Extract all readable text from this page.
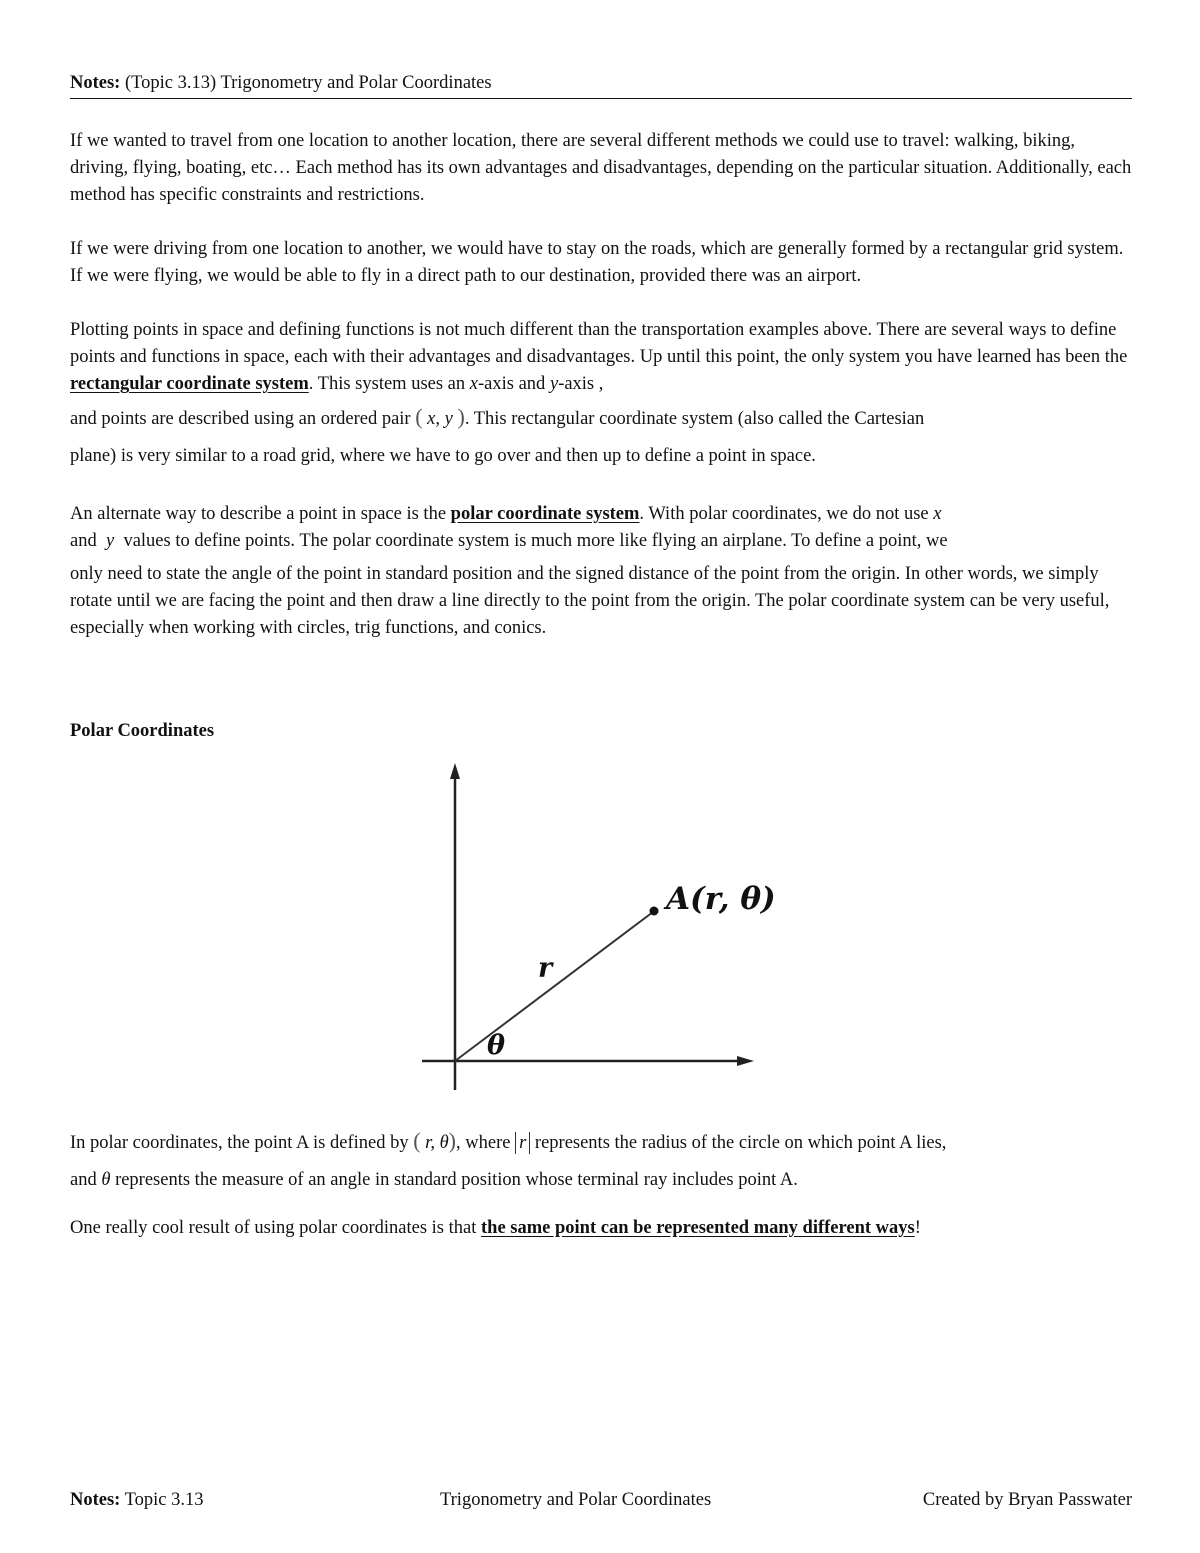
Notes: (Topic 3.13) Trigonometry and Polar Coordinates

If we wanted to travel from one location to another location, there are several different methods we could use to travel: walking, biking, driving, flying, boating, etc… Each method has its own advantages and disadvantages, depending on the particular situation. Additionally, each method has specific constraints and restrictions.

If we were driving from one location to another, we would have to stay on the roads, which are generally formed by a rectangular grid system. If we were flying, we would be able to fly in a direct path to our destination, provided there was an airport.

Plotting points in space and defining functions is not much different than the transportation examples above. There are several ways to define points and functions in space, each with their advantages and disadvantages. Up until this point, the only system you have learned has been the rectangular coordinate system. This system uses an x-axis and y-axis ,
and points are described using an ordered pair ( x, y ). This rectangular coordinate system (also called the Cartesian
plane) is very similar to a road grid, where we have to go over and then up to define a point in space.
An alternate way to describe a point in space is the polar coordinate system. With polar coordinates, we do not use x
and  y  values to define points. The polar coordinate system is much more like flying an airplane. To define a point, we
only need to state the angle of the point in standard position and the signed distance of the point from the origin. In other words, we simply rotate until we are facing the point and then draw a line directly to the point from the origin. The polar coordinate system can be very useful, especially when working with circles, trig functions, and conics.
Polar Coordinates
A(r, θ)
r
θ

In polar coordinates, the point A is defined by ( r, θ), where r represents the radius of the circle on which point A lies,
and θ represents the measure of an angle in standard position whose terminal ray includes point A.

One really cool result of using polar coordinates is that the same point can be represented many different ways!

Notes: Topic 3.13	Trigonometry and Polar Coordinates	Created by Bryan Passwater
